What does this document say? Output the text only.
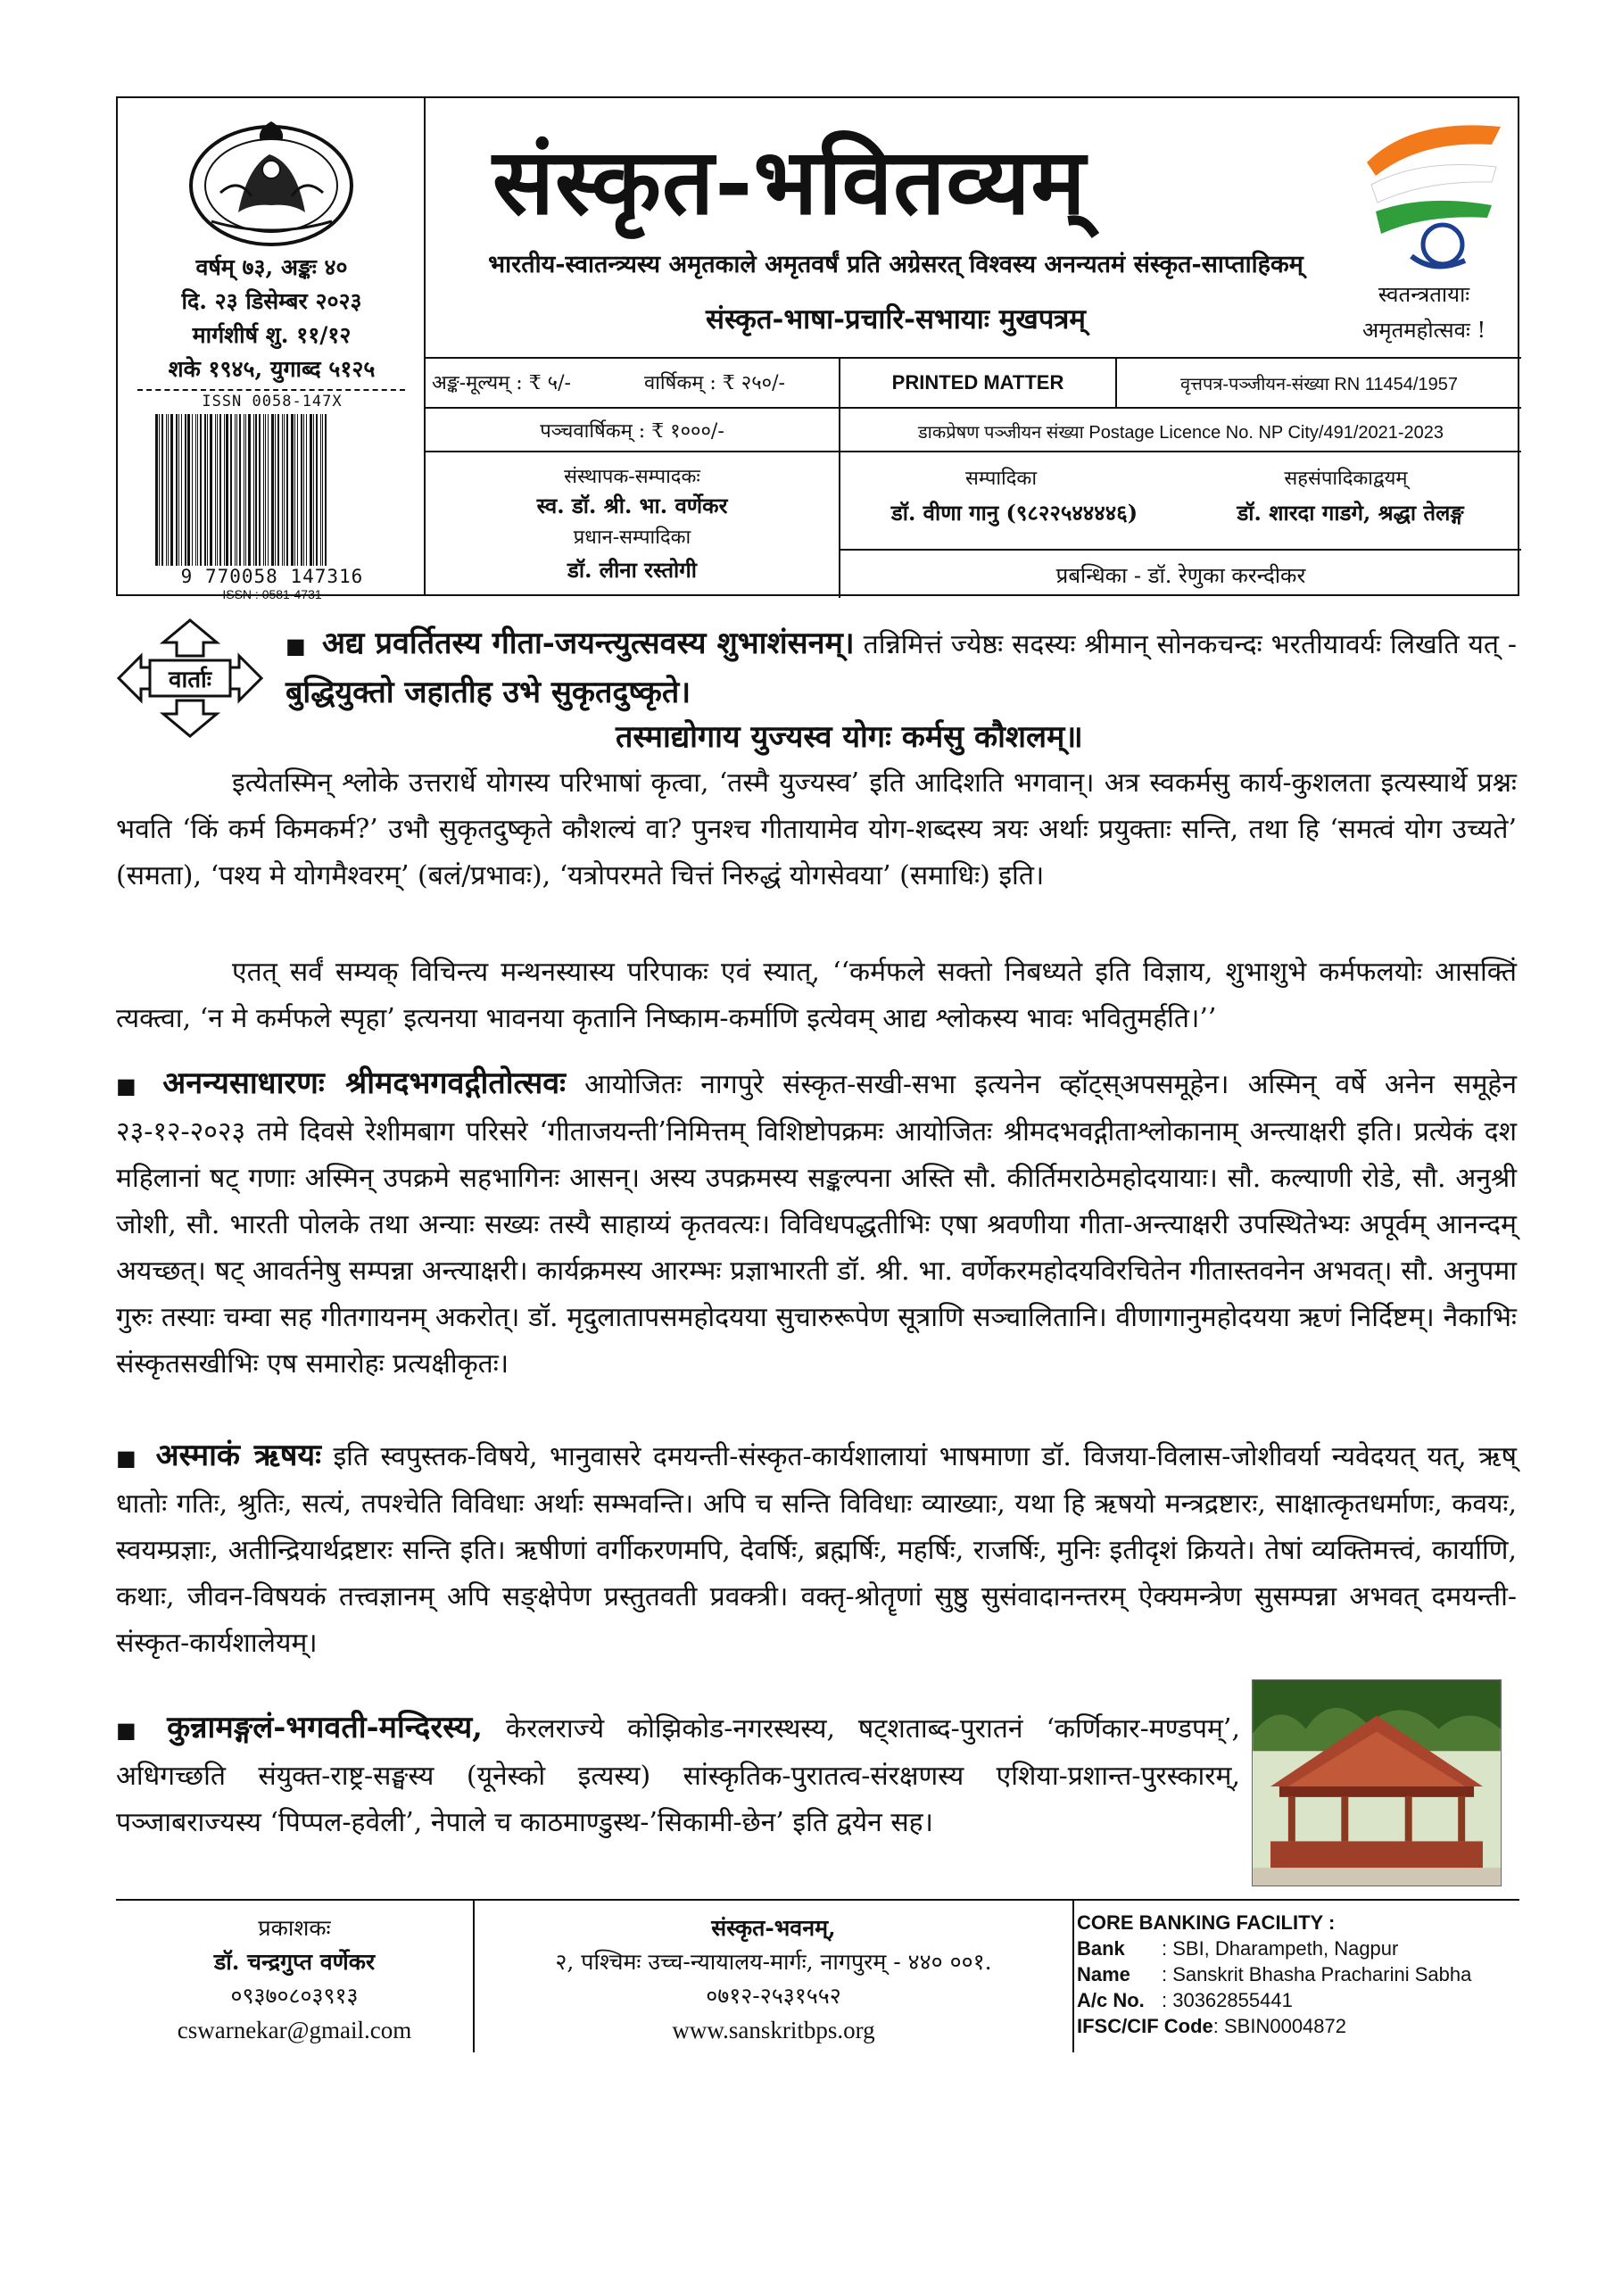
वर्षम् ७३, अङ्कः ४०
दि. २३ डिसेम्बर २०२३
मार्गशीर्ष शु. ११/१२
शके १९४५, युगाब्द ५१२५
ISSN 0058-147X
9 770058 147316
ISSN : 0581-4731
संस्कृत-भवितव्यम्
भारतीय-स्वातन्त्र्यस्य अमृतकाले अमृतवर्षं प्रति अग्रेसरत् विश्वस्य अनन्यतमं संस्कृत-साप्ताहिकम्
संस्कृत-भाषा-प्रचारि-सभायाः मुखपत्रम्
स्वतन्त्रतायाः
अमृतमहोत्सवः !
अङ्क-मूल्यम् : ₹ ५/-	वार्षिकम् : ₹ २५०/-	PRINTED MATTER	वृत्तपत्र-पञ्जीयन-संख्या RN 11454/1957
पञ्चवार्षिकम् : ₹ १०००/-	डाकप्रेषण पञ्जीयन संख्या Postage Licence No. NP City/491/2021-2023
संस्थापक-सम्पादकः
स्व. डॉ. श्री. भा. वर्णेकर
प्रधान-सम्पादिका
डॉ. लीना रस्तोगी
सम्पादिका
डॉ. वीणा गानु (९८२२५४४४४६)
सहसंपादिकाद्वयम्
डॉ. शारदा गाडगे, श्रद्धा तेलङ्ग
प्रबन्धिका - डॉ. रेणुका करन्दीकर
वार्ताः
■ अद्य प्रवर्तितस्य गीता-जयन्त्युत्सवस्य शुभाशंसनम्। तन्निमित्तं ज्येष्ठः सदस्यः श्रीमान् सोनकचन्दः भरतीयावर्यः लिखति यत् - बुद्धियुक्तो जहातीह उभे सुकृतदुष्कृते।
तस्माद्योगाय युज्यस्व योगः कर्मसु कौशलम्॥
इत्येतस्मिन् श्लोके उत्तरार्धे योगस्य परिभाषां कृत्वा, ‘तस्मै युज्यस्व’ इति आदिशति भगवान्। अत्र स्वकर्मसु कार्य-कुशलता इत्यस्यार्थे प्रश्नः भवति ‘किं कर्म किमकर्म?’ उभौ सुकृतदुष्कृते कौशल्यं वा? पुनश्च गीतायामेव योग-शब्दस्य त्रयः अर्थाः प्रयुक्ताः सन्ति, तथा हि ‘समत्वं योग उच्यते’ (समता), ‘पश्य मे योगमैश्वरम्’ (बलं/प्रभावः), ‘यत्रोपरमते चित्तं निरुद्धं योगसेवया’ (समाधिः) इति।
एतत् सर्वं सम्यक् विचिन्त्य मन्थनस्यास्य परिपाकः एवं स्यात्, ‘‘कर्मफले सक्तो निबध्यते इति विज्ञाय, शुभाशुभे कर्मफलयोः आसक्तिं त्यक्त्वा, ‘न मे कर्मफले स्पृहा’ इत्यनया भावनया कृतानि निष्काम-कर्माणि इत्येवम् आद्य श्लोकस्य भावः भवितुमर्हति।’’
■ अनन्यसाधारणः श्रीमदभगवद्गीतोत्सवः आयोजितः नागपुरे संस्कृत-सखी-सभा इत्यनेन व्हॉट्स्अपसमूहेन। अस्मिन् वर्षे अनेन समूहेन २३-१२-२०२३ तमे दिवसे रेशीमबाग परिसरे ‘गीताजयन्ती’निमित्तम् विशिष्टोपक्रमः आयोजितः श्रीमदभवद्गीताश्लोकानाम् अन्त्याक्षरी इति। प्रत्येकं दश महिलानां षट् गणाः अस्मिन् उपक्रमे सहभागिनः आसन्। अस्य उपक्रमस्य सङ्कल्पना अस्ति सौ. कीर्तिमराठेमहोदयायाः। सौ. कल्याणी रोडे, सौ. अनुश्री जोशी, सौ. भारती पोलके तथा अन्याः सख्यः तस्यै साहाय्यं कृतवत्यः। विविधपद्धतीभिः एषा श्रवणीया गीता-अन्त्याक्षरी उपस्थितेभ्यः अपूर्वम् आनन्दम् अयच्छत्। षट् आवर्तनेषु सम्पन्ना अन्त्याक्षरी। कार्यक्रमस्य आरम्भः प्रज्ञाभारती डॉ. श्री. भा. वर्णेकरमहोदयविरचितेन गीतास्तवनेन अभवत्। सौ. अनुपमा गुरुः तस्याः चम्वा सह गीतगायनम् अकरोत्। डॉ. मृदुलातापसमहोदयया सुचारुरूपेण सूत्राणि सञ्चालितानि। वीणागानुमहोदयया ऋणं निर्दिष्टम्। नैकाभिः संस्कृतसखीभिः एष समारोहः प्रत्यक्षीकृतः।
■ अस्माकं ऋषयः इति स्वपुस्तक-विषये, भानुवासरे दमयन्ती-संस्कृत-कार्यशालायां भाषमाणा डॉ. विजया-विलास-जोशीवर्या न्यवेदयत् यत्, ऋष् धातोः गतिः, श्रुतिः, सत्यं, तपश्चेति विविधाः अर्थाः सम्भवन्ति। अपि च सन्ति विविधाः व्याख्याः, यथा हि ऋषयो मन्त्रद्रष्टारः, साक्षात्कृतधर्माणः, कवयः, स्वयम्प्रज्ञाः, अतीन्द्रियार्थद्रष्टारः सन्ति इति। ऋषीणां वर्गीकरणमपि, देवर्षिः, ब्रह्मर्षिः, महर्षिः, राजर्षिः, मुनिः इतीदृशं क्रियते। तेषां व्यक्तिमत्त्वं, कार्याणि, कथाः, जीवन-विषयकं तत्त्वज्ञानम् अपि सङ्क्षेपेण प्रस्तुतवती प्रवक्त्री। वक्तृ-श्रोतॄणां सुष्ठु सुसंवादानन्तरम् ऐक्यमन्त्रेण सुसम्पन्ना अभवत् दमयन्ती-संस्कृत-कार्यशालेयम्।
■ कुन्नामङ्गलं-भगवती-मन्दिरस्य, केरलराज्ये कोझिकोड-नगरस्थस्य, षट्शताब्द-पुरातनं ‘कर्णिकार-मण्डपम्’, अधिगच्छति संयुक्त-राष्ट्र-सङ्घस्य (यूनेस्को इत्यस्य) सांस्कृतिक-पुरातत्व-संरक्षणस्य एशिया-प्रशान्त-पुरस्कारम्, पञ्जाबराज्यस्य ‘पिप्पल-हवेली’, नेपाले च काठमाण्डुस्थ-’सिकामी-छेन’ इति द्वयेन सह।
प्रकाशकः
डॉ. चन्द्रगुप्त वर्णेकर
०९३७०८०३९१३
cswarnekar@gmail.com
संस्कृत-भवनम्,
२, पश्चिमः उच्च-न्यायालय-मार्गः, नागपुरम् - ४४० ००१.
०७१२-२५३१५५२
www.sanskritbps.org
CORE BANKING FACILITY :
Bank : SBI, Dharampeth, Nagpur
Name : Sanskrit Bhasha Pracharini Sabha
A/c No. : 30362855441
IFSC/CIF Code: SBIN0004872
